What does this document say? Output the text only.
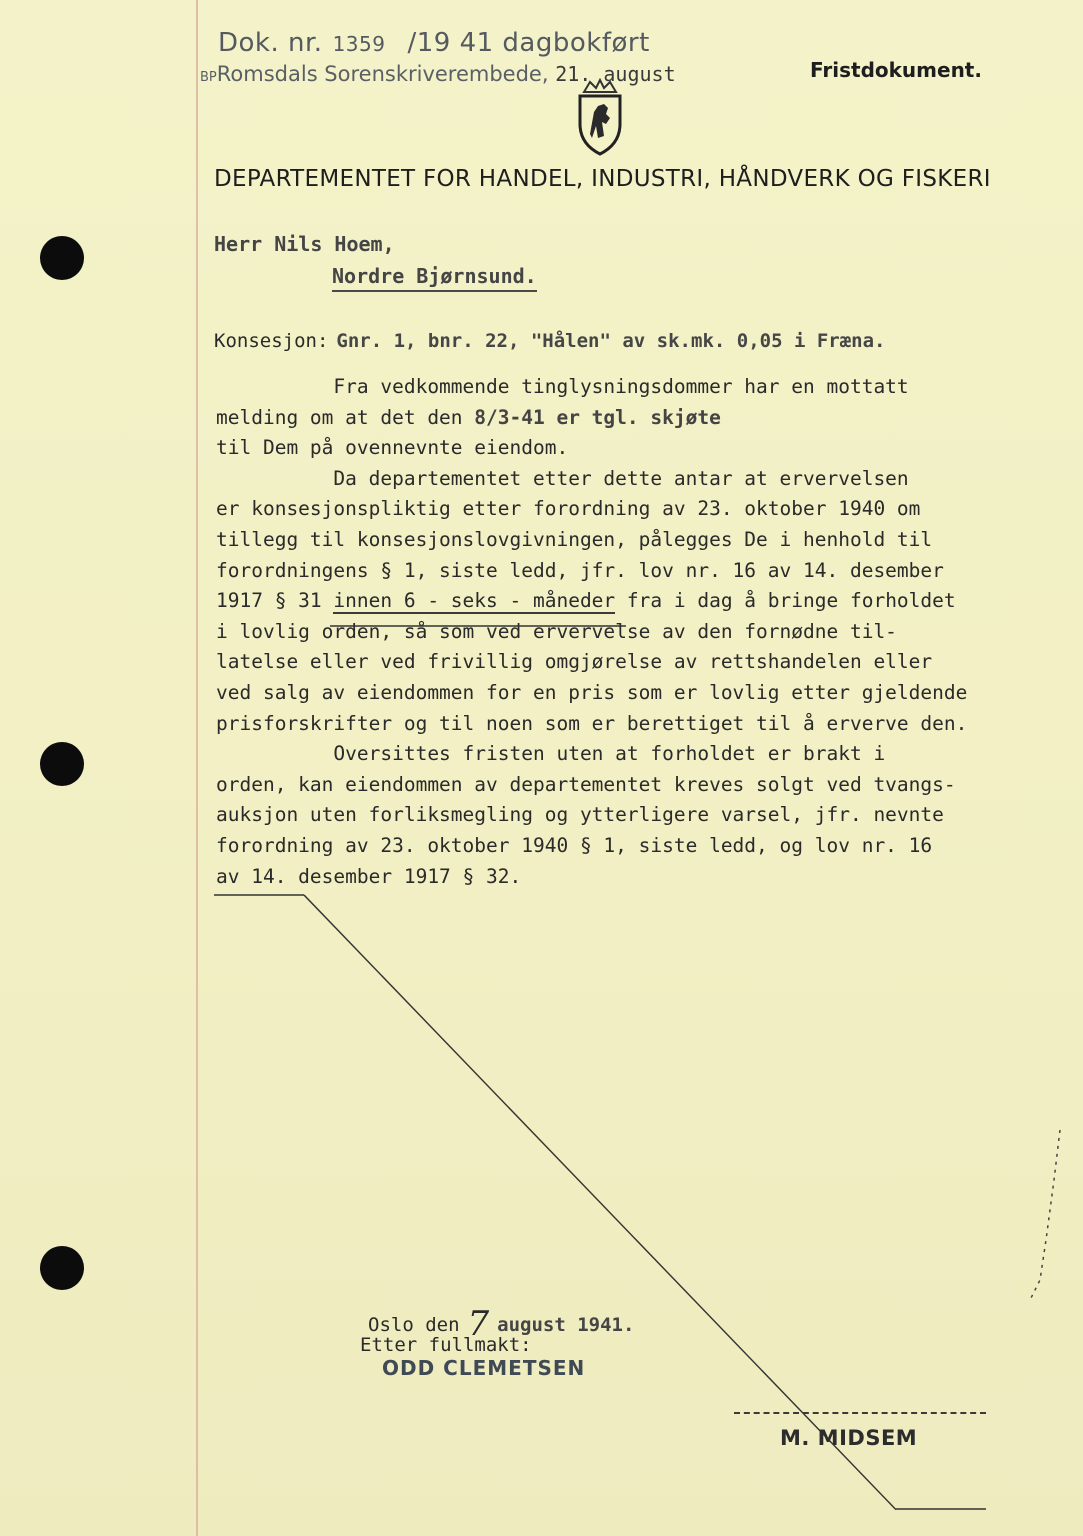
Dok. nr. 1359 /19 41 dagbokført
BPRomsdals Sorenskriverembede, 21. august	Fristdokument.
DEPARTEMENTET FOR HANDEL, INDUSTRI, HÅNDVERK OG FISKERI
Herr Nils Hoem,
Nordre Bjørnsund.
Konsesjon: Gnr. 1, bnr. 22, "Hålen" av sk.mk. 0,05 i Fræna.
Fra vedkommende tinglysningsdommer har en mottatt
melding om at det den 8/3-41 er tgl. skjøte
til Dem på ovennevnte eiendom.
Da departementet etter dette antar at ervervelsen
er konsesjonspliktig etter forordning av 23. oktober 1940 om
tillegg til konsesjonslovgivningen, pålegges De i henhold til
forordningens § 1, siste ledd, jfr. lov nr. 16 av 14. desember
1917 § 31 innen 6 - seks - måneder fra i dag å bringe forholdet
i lovlig orden, så som ved ervervelse av den fornødne til-
latelse eller ved frivillig omgjørelse av rettshandelen eller
ved salg av eiendommen for en pris som er lovlig etter gjeldende
prisforskrifter og til noen som er berettiget til å erverve den.
Oversittes fristen uten at forholdet er brakt i
orden, kan eiendommen av departementet kreves solgt ved tvangs-
auksjon uten forliksmegling og ytterligere varsel, jfr. nevnte
forordning av 23. oktober 1940 § 1, siste ledd, og lov nr. 16
av 14. desember 1917 § 32.
Oslo den 7 august 1941.
Etter fullmakt:
ODD CLEMETSEN
M. MIDSEM
